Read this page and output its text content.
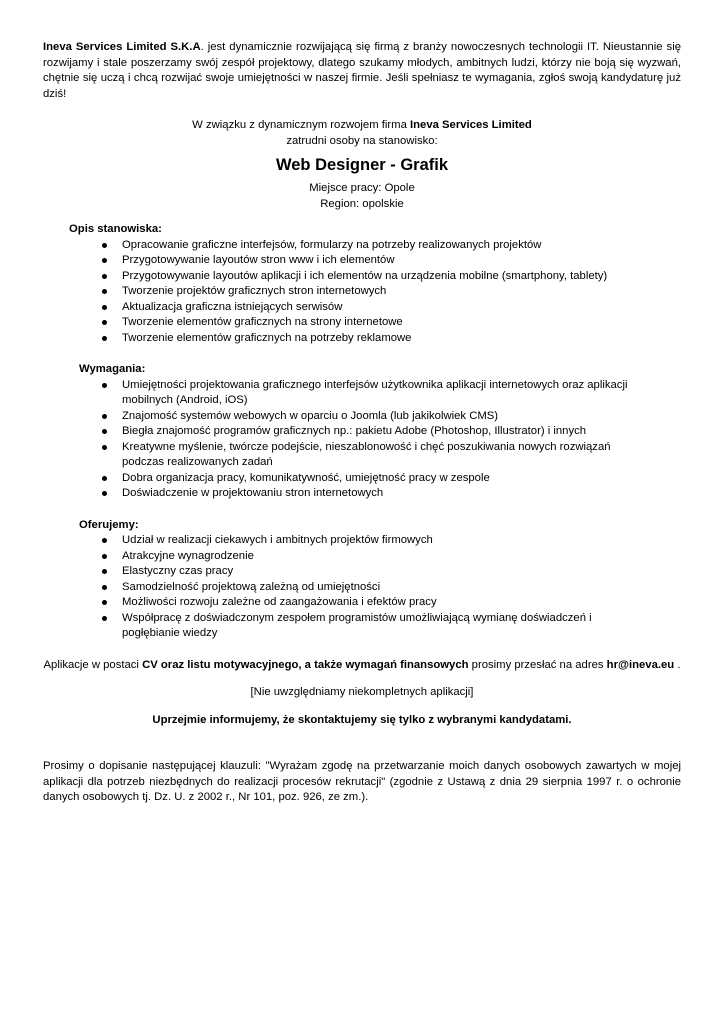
Ineva Services Limited S.K.A. jest dynamicznie rozwijającą się firmą z branży nowoczesnych technologii IT. Nieustannie się rozwijamy i stale poszerzamy swój zespół projektowy, dlatego szukamy młodych, ambitnych ludzi, którzy nie boją się wyzwań, chętnie się uczą i chcą rozwijać swoje umiejętności w naszej firmie. Jeśli spełniasz te wymagania, zgłoś swoją kandydaturę już dziś!

W związku z dynamicznym rozwojem firma Ineva Services Limited

zatrudni osoby na stanowisko:

Web Designer - Grafik

Miejsce pracy: Opole

Region: opolskie

Opis stanowiska:

Opracowanie graficzne interfejsów, formularzy na potrzeby realizowanych projektów
Przygotowywanie layoutów stron www i ich elementów
Przygotowywanie layoutów aplikacji i ich elementów na urządzenia mobilne (smartphony, tablety)
Tworzenie projektów graficznych stron internetowych
Aktualizacja graficzna istniejących serwisów
Tworzenie elementów graficznych na strony internetowe
Tworzenie elementów graficznych na potrzeby reklamowe

Wymagania:

Umiejętności projektowania graficznego interfejsów użytkownika aplikacji internetowych oraz aplikacji mobilnych (Android, iOS)
Znajomość systemów webowych w oparciu o Joomla (lub jakikolwiek CMS)
Biegła znajomość programów graficznych np.: pakietu Adobe (Photoshop, Illustrator) i innych
Kreatywne myślenie, twórcze podejście, nieszablonowość i chęć poszukiwania nowych rozwiązań podczas realizowanych zadań
Dobra organizacja pracy, komunikatywność, umiejętność pracy w zespole
Doświadczenie w projektowaniu stron internetowych

Oferujemy:

Udział w realizacji ciekawych i ambitnych projektów firmowych
Atrakcyjne wynagrodzenie
Elastyczny czas pracy
Samodzielność projektową zależną od umiejętności
Możliwości rozwoju zależne od zaangażowania i efektów pracy
Współpracę z doświadczonym zespołem programistów umożliwiającą wymianę doświadczeń i pogłębianie wiedzy

Aplikacje w postaci CV oraz listu motywacyjnego, a także wymagań finansowych prosimy przesłać na adres hr@ineva.eu .

[Nie uwzględniamy niekompletnych aplikacji]

Uprzejmie informujemy, że skontaktujemy się tylko z wybranymi kandydatami.

Prosimy o dopisanie następującej klauzuli: "Wyrażam zgodę na przetwarzanie moich danych osobowych zawartych w mojej aplikacji dla potrzeb niezbędnych do realizacji procesów rekrutacji" (zgodnie z Ustawą z dnia 29 sierpnia 1997 r. o ochronie danych osobowych tj. Dz. U. z 2002 r., Nr 101, poz. 926, ze zm.).
